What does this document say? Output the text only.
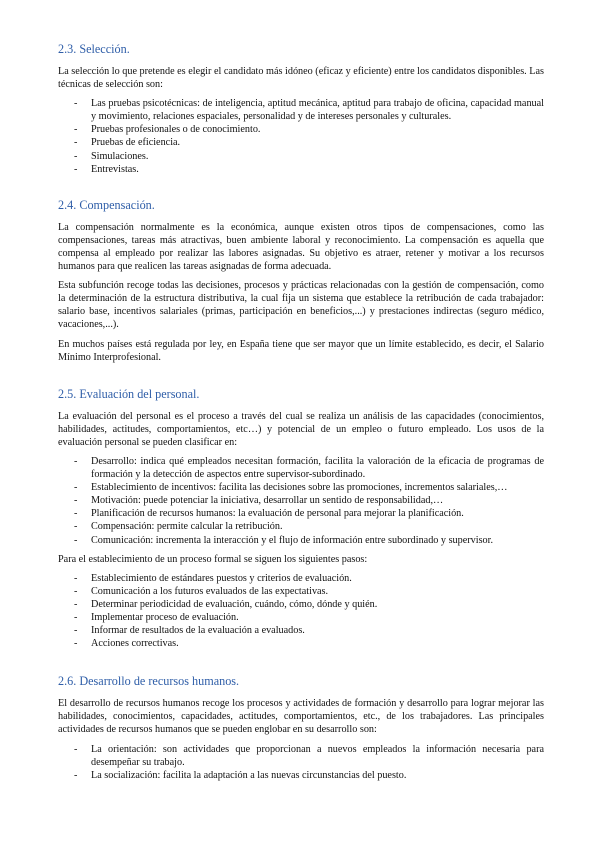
2.3. Selección.

La selección lo que pretende es elegir el candidato más idóneo (eficaz y eficiente) entre los candidatos disponibles. Las técnicas de selección son:

- Las pruebas psicotécnicas: de inteligencia, aptitud mecánica, aptitud para trabajo de oficina, capacidad manual y movimiento, relaciones espaciales, personalidad y de intereses personales y culturales.
- Pruebas profesionales o de conocimiento.
- Pruebas de eficiencia.
- Simulaciones.
- Entrevistas.
2.4. Compensación.

La compensación normalmente es la económica, aunque existen otros tipos de compensaciones, como las compensaciones, tareas más atractivas, buen ambiente laboral y reconocimiento. La compensación es aquella que compensa al empleado por realizar las labores asignadas. Su objetivo es atraer, retener y motivar a los recursos humanos para que realicen las tareas asignadas de forma adecuada.

Esta subfunción recoge todas las decisiones, procesos y prácticas relacionadas con la gestión de compensación, como la determinación de la estructura distributiva, la cual fija un sistema que establece la retribución de cada trabajador: salario base, incentivos salariales (primas, participación en beneficios,...) y prestaciones indirectas (seguro médico, vacaciones,...).

En muchos países está regulada por ley, en España tiene que ser mayor que un límite establecido, es decir, el Salario Mínimo Interprofesional.

2.5. Evaluación del personal.

La evaluación del personal es el proceso a través del cual se realiza un análisis de las capacidades (conocimientos, habilidades, actitudes, comportamientos, etc…) y potencial de un empleo o futuro empleado. Los usos de la evaluación personal se pueden clasificar en:

- Desarrollo: indica qué empleados necesitan formación, facilita la valoración de la eficacia de programas de formación y la detección de aspectos entre supervisor-subordinado.
- Establecimiento de incentivos: facilita las decisiones sobre las promociones, incrementos salariales,…
- Motivación: puede potenciar la iniciativa, desarrollar un sentido de responsabilidad,…
- Planificación de recursos humanos: la evaluación de personal para mejorar la planificación.
- Compensación: permite calcular la retribución.
- Comunicación: incrementa la interacción y el flujo de información entre subordinado y supervisor.

Para el establecimiento de un proceso formal se siguen los siguientes pasos:

- Establecimiento de estándares puestos y criterios de evaluación.
- Comunicación a los futuros evaluados de las expectativas.
- Determinar periodicidad de evaluación, cuándo, cómo, dónde y quién.
- Implementar proceso de evaluación.
- Informar de resultados de la evaluación a evaluados.
- Acciones correctivas.
2.6. Desarrollo de recursos humanos.

El desarrollo de recursos humanos recoge los procesos y actividades de formación y desarrollo para lograr mejorar las habilidades, conocimientos, capacidades, actitudes, comportamientos, etc., de los trabajadores. Las principales actividades de recursos humanos que se pueden englobar en su desarrollo son:

- La orientación: son actividades que proporcionan a nuevos empleados la información necesaria para desempeñar su trabajo.
- La socialización: facilita la adaptación a las nuevas circunstancias del puesto.
